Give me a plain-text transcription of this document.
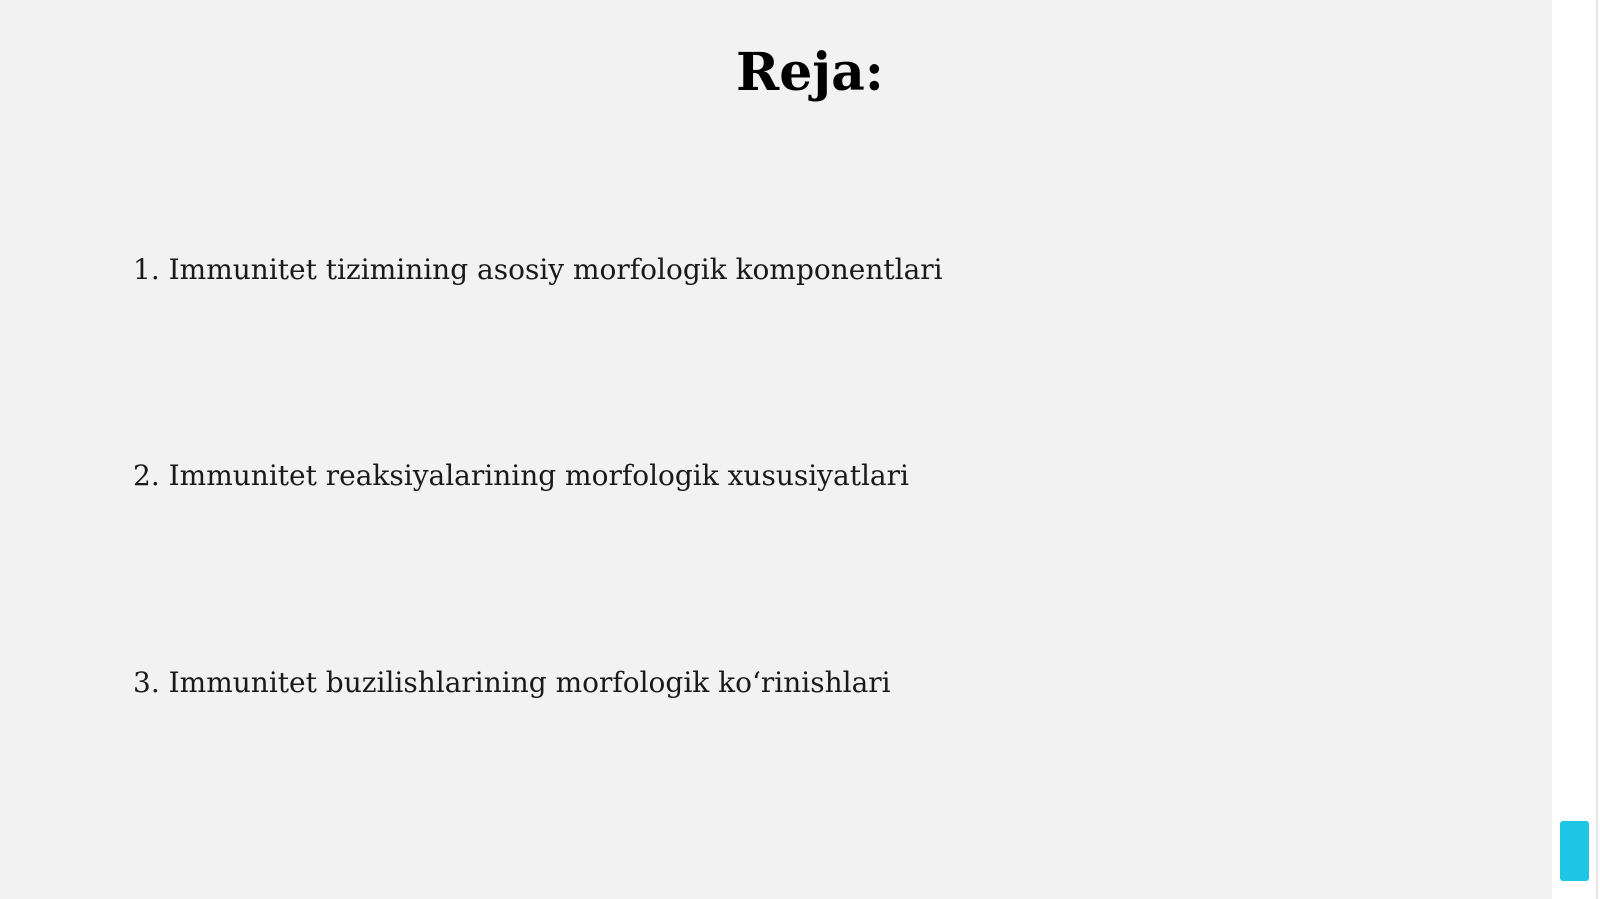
Reja:

1. Immunitet tizimining asosiy morfologik komponentlari

2. Immunitet reaksiyalarining morfologik xususiyatlari

3. Immunitet buzilishlarining morfologik koʻrinishlari
